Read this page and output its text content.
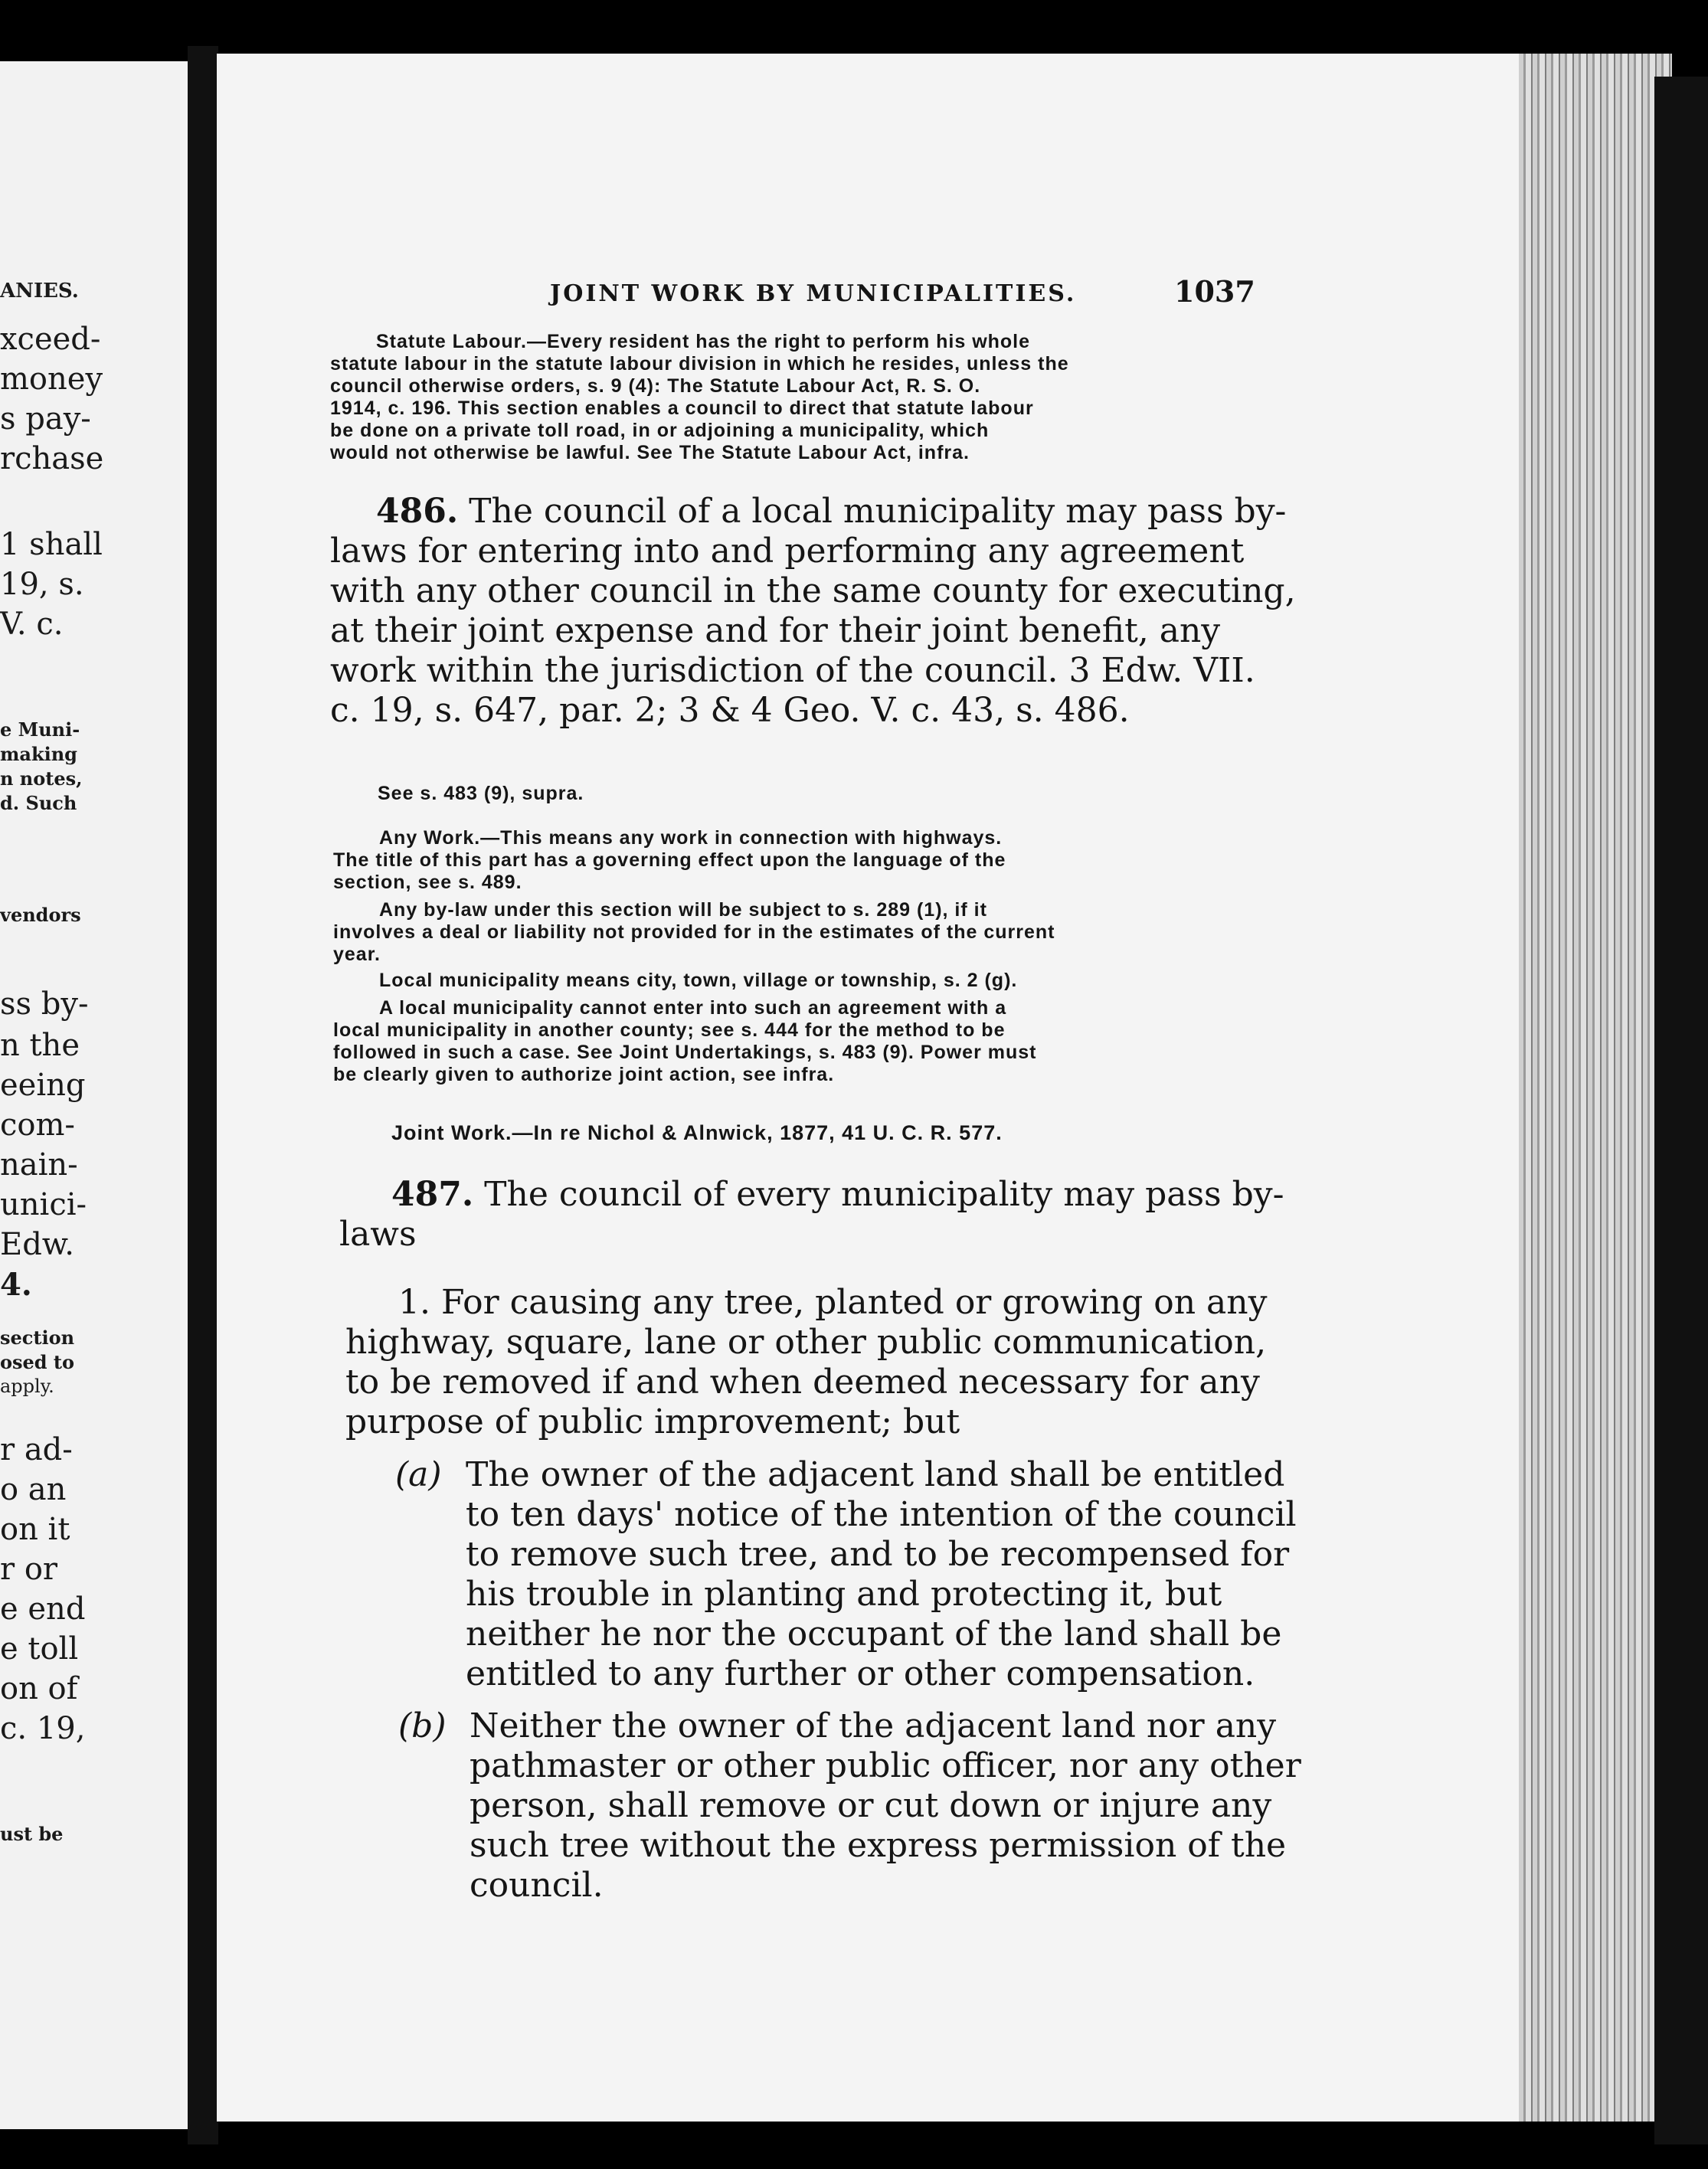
ANIES.
xceed-
money
s pay-
rchase
1 shall
19, s.
V. c.
e Muni-
making
n notes,
d. Such
vendors
ss by-
n the
eeing
com-
nain-
unici-
Edw.
4.
section
osed to
apply.
r ad-
o an
on it
r or
e end
e toll
on of
c. 19,
ust be
JOINT WORK BY MUNICIPALITIES.	1037
Statute Labour.—Every resident has the right to perform his whole
statute labour in the statute labour division in which he resides, unless the
council otherwise orders, s. 9 (4): The Statute Labour Act, R. S. O.
1914, c. 196. This section enables a council to direct that statute labour
be done on a private toll road, in or adjoining a municipality, which
would not otherwise be lawful. See The Statute Labour Act, infra.
486. The council of a local municipality may pass by-
laws for entering into and performing any agreement
with any other council in the same county for executing,
at their joint expense and for their joint benefit, any
work within the jurisdiction of the council. 3 Edw. VII.
c. 19, s. 647, par. 2; 3 & 4 Geo. V. c. 43, s. 486.
See s. 483 (9), supra.
Any Work.—This means any work in connection with highways.
The title of this part has a governing effect upon the language of the
section, see s. 489.
Any by-law under this section will be subject to s. 289 (1), if it
involves a deal or liability not provided for in the estimates of the current
year.
Local municipality means city, town, village or township, s. 2 (g).
A local municipality cannot enter into such an agreement with a
local municipality in another county; see s. 444 for the method to be
followed in such a case. See Joint Undertakings, s. 483 (9). Power must
be clearly given to authorize joint action, see infra.
Joint Work.—In re Nichol & Alnwick, 1877, 41 U. C. R. 577.
487. The council of every municipality may pass by-
laws
1. For causing any tree, planted or growing on any
highway, square, lane or other public communication,
to be removed if and when deemed necessary for any
purpose of public improvement; but
(a) The owner of the adjacent land shall be entitled
to ten days' notice of the intention of the council
to remove such tree, and to be recompensed for
his trouble in planting and protecting it, but
neither he nor the occupant of the land shall be
entitled to any further or other compensation.
(b) Neither the owner of the adjacent land nor any
pathmaster or other public officer, nor any other
person, shall remove or cut down or injure any
such tree without the express permission of the
council.
